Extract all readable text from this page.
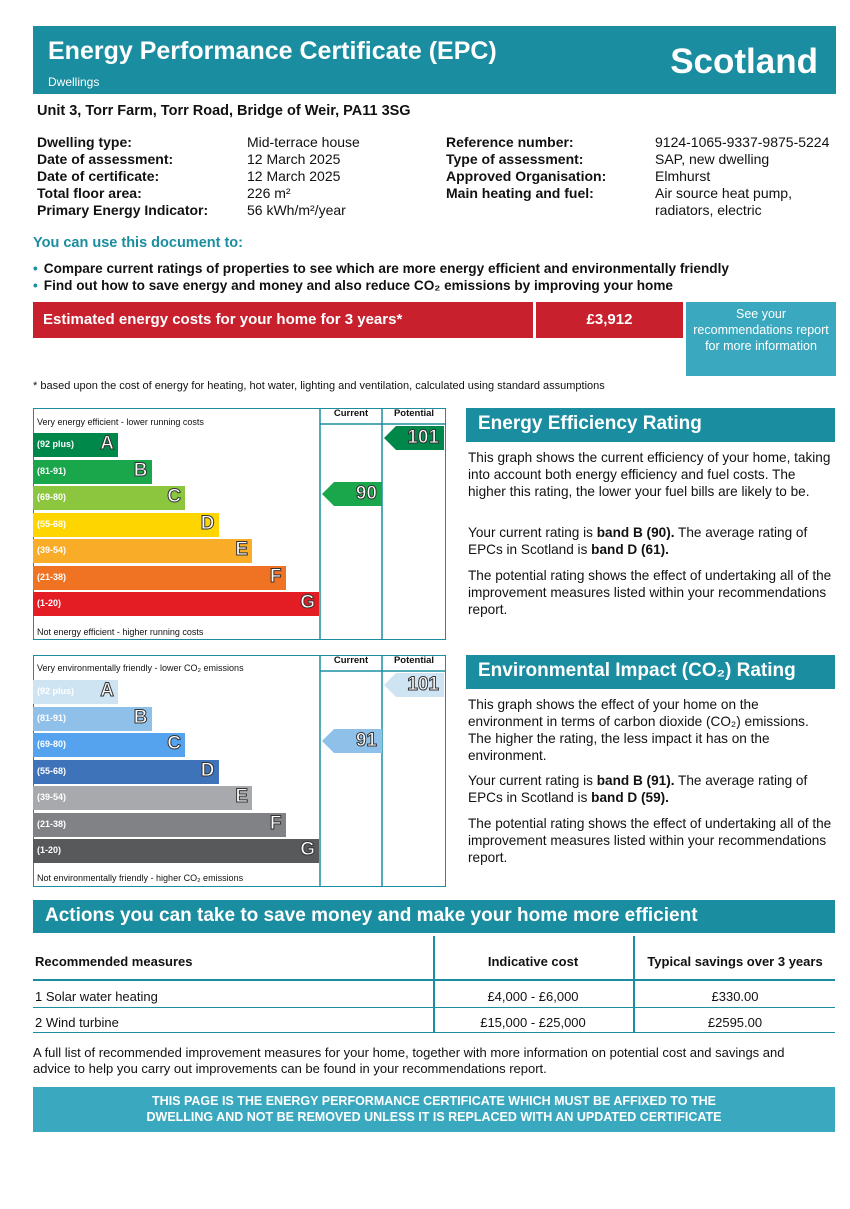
Energy Performance Certificate (EPC)
Dwellings
Scotland
Unit 3, Torr Farm, Torr Road, Bridge of Weir, PA11 3SG
Dwelling type:	Mid-terrace house
Date of assessment:	12 March 2025
Date of certificate:	12 March 2025
Total floor area:	226 m²
Primary Energy Indicator:	56 kWh/m²/year
Reference number:	9124-1065-9337-9875-5224
Type of assessment:	SAP, new dwelling
Approved Organisation:	Elmhurst
Main heating and fuel:	Air source heat pump,
radiators, electric
You can use this document to:
• Compare current ratings of properties to see which are more energy efficient and environmentally friendly
• Find out how to save energy and money and also reduce CO₂ emissions by improving your home
Estimated energy costs for your home for 3 years*	£3,912	See your recommendations report for more information
* based upon the cost of energy for heating, hot water, lighting and ventilation, calculated using standard assumptions
Current	Potential
Very energy efficient - lower running costs
Not energy efficient - higher running costs
(92 plus) A
(81-91)	B
(69-80)	C
(55-68)	D
(39-54)	E
(21-38)	F
(1-20)	G
90
101
Energy Efficiency Rating
This graph shows the current efficiency of your home, taking into account both energy efficiency and fuel costs. The higher this rating, the lower your fuel bills are likely to be.
Your current rating is band B (90). The average rating of EPCs in Scotland is band D (61).
The potential rating shows the effect of undertaking all of the improvement measures listed within your recommendations report.
Current	Potential
Very environmentally friendly - lower CO₂ emissions
Not environmentally friendly - higher CO₂ emissions
(92 plus) A
(81-91)	B
(69-80)	C
(55-68)	D
(39-54)	E
(21-38)	F
(1-20)	G
91
101
Environmental Impact (CO₂) Rating
This graph shows the effect of your home on the environment in terms of carbon dioxide (CO₂) emissions. The higher the rating, the less impact it has on the environment.
Your current rating is band B (91). The average rating of EPCs in Scotland is band D (59).
The potential rating shows the effect of undertaking all of the improvement measures listed within your recommendations report.
Actions you can take to save money and make your home more efficient
Recommended measures	Indicative cost	Typical savings over 3 years
1 Solar water heating	£4,000 - £6,000	£330.00
2 Wind turbine	£15,000 - £25,000	£2595.00
A full list of recommended improvement measures for your home, together with more information on potential cost and savings and advice to help you carry out improvements can be found in your recommendations report.
THIS PAGE IS THE ENERGY PERFORMANCE CERTIFICATE WHICH MUST BE AFFIXED TO THE
DWELLING AND NOT BE REMOVED UNLESS IT IS REPLACED WITH AN UPDATED CERTIFICATE
